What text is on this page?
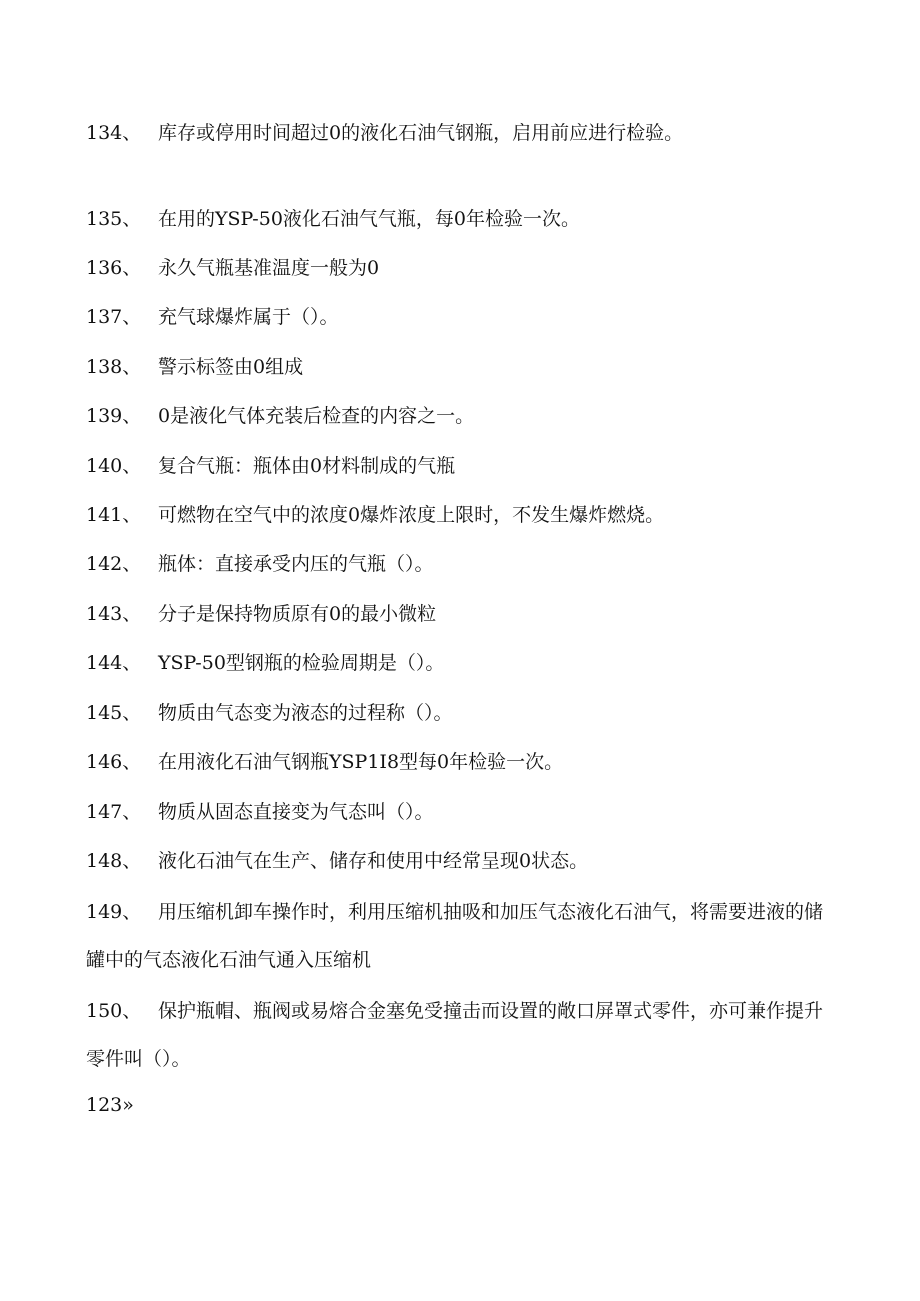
134、 库存或停用时间超过0的液化石油气钢瓶，启用前应进行检验。
135、 在用的YSP-50液化石油气气瓶，每0年检验一次。
136、 永久气瓶基准温度一般为0
137、 充气球爆炸属于（）。
138、 警示标签由0组成
139、 0是液化气体充装后检查的内容之一。
140、 复合气瓶：瓶体由0材料制成的气瓶
141、 可燃物在空气中的浓度0爆炸浓度上限时，不发生爆炸燃烧。
142、 瓶体：直接承受内压的气瓶（）。
143、 分子是保持物质原有0的最小微粒
144、 YSP-50型钢瓶的检验周期是（）。
145、 物质由气态变为液态的过程称（）。
146、 在用液化石油气钢瓶YSP1I8型每0年检验一次。
147、 物质从固态直接变为气态叫（）。
148、 液化石油气在生产、储存和使用中经常呈现0状态。
149、 用压缩机卸车操作时，利用压缩机抽吸和加压气态液化石油气，将需要进液的储罐中的气态液化石油气通入压缩机
150、 保护瓶帽、瓶阀或易熔合金塞免受撞击而设置的敞口屏罩式零件，亦可兼作提升零件叫（）。
123»
